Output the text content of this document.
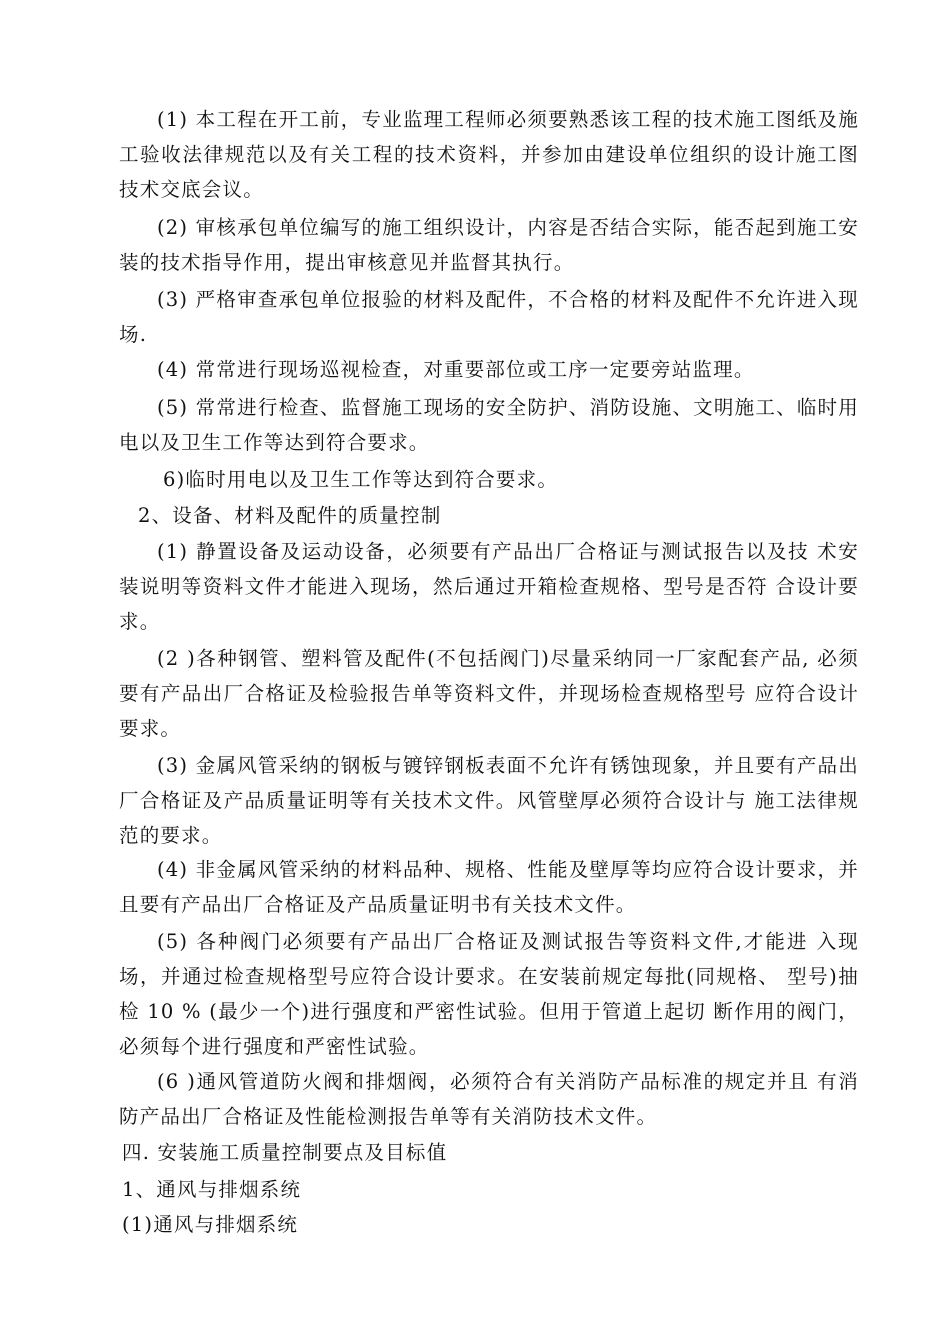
(1) 本工程在开工前，专业监理工程师必须要熟悉该工程的技术施工图纸及施工验收法律规范以及有关工程的技术资料，并参加由建设单位组织的设计施工图技术交底会议。

(2) 审核承包单位编写的施工组织设计，内容是否结合实际，能否起到施工安装的技术指导作用，提出审核意见并监督其执行。

(3) 严格审查承包单位报验的材料及配件，不合格的材料及配件不允许进入现场.

(4) 常常进行现场巡视检查，对重要部位或工序一定要旁站监理。

(5) 常常进行检查、监督施工现场的安全防护、消防设施、文明施工、临时用电以及卫生工作等达到符合要求。

6)临时用电以及卫生工作等达到符合要求。

2、设备、材料及配件的质量控制

(1) 静置设备及运动设备，必须要有产品出厂合格证与测试报告以及技 术安装说明等资料文件才能进入现场，然后通过开箱检查规格、型号是否符 合设计要求。

(2 )各种钢管、塑料管及配件(不包括阀门)尽量采纳同一厂家配套产品, 必须要有产品出厂合格证及检验报告单等资料文件，并现场检查规格型号 应符合设计要求。

(3) 金属风管采纳的钢板与镀锌钢板表面不允许有锈蚀现象，并且要有产品出厂合格证及产品质量证明等有关技术文件。风管壁厚必须符合设计与 施工法律规范的要求。

(4) 非金属风管采纳的材料品种、规格、性能及壁厚等均应符合设计要求，并且要有产品出厂合格证及产品质量证明书有关技术文件。

(5) 各种阀门必须要有产品出厂合格证及测试报告等资料文件,才能进 入现场，并通过检查规格型号应符合设计要求。在安装前规定每批(同规格、 型号)抽检 10 % (最少一个)进行强度和严密性试验。但用于管道上起切 断作用的阀门，必须每个进行强度和严密性试验。

(6 )通风管道防火阀和排烟阀，必须符合有关消防产品标准的规定并且 有消防产品出厂合格证及性能检测报告单等有关消防技术文件。

四. 安装施工质量控制要点及目标值

1、通风与排烟系统

(1)通风与排烟系统
